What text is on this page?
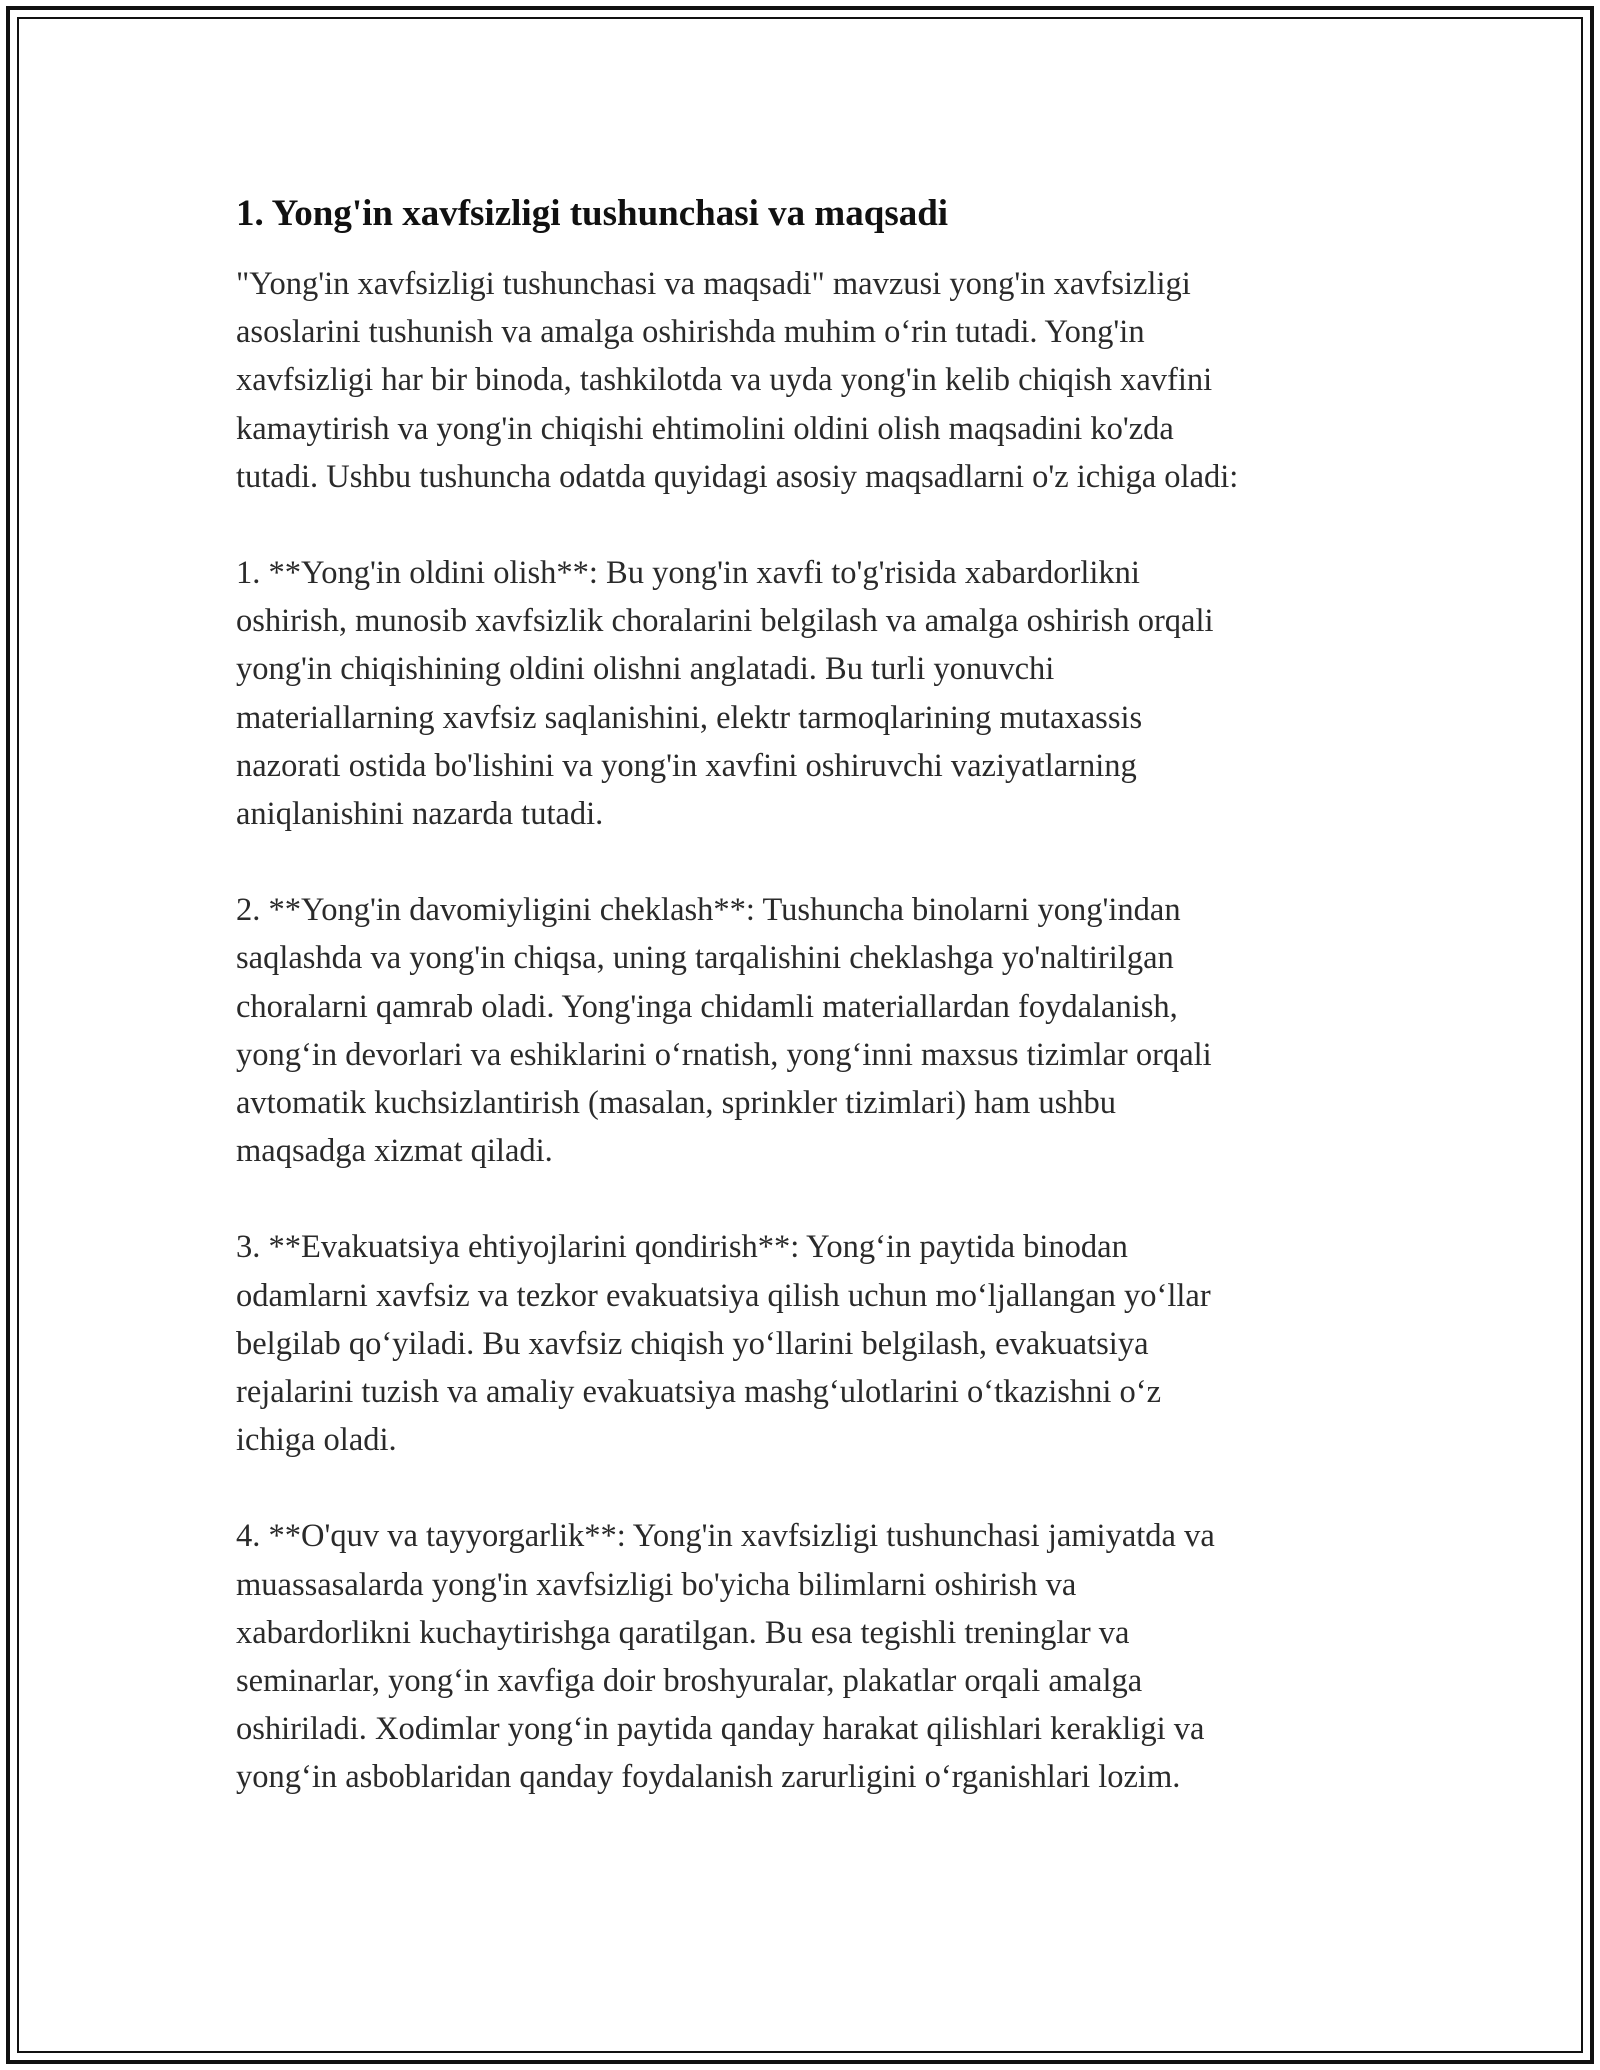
1. Yong'in xavfsizligi tushunchasi va maqsadi

"Yong'in xavfsizligi tushunchasi va maqsadi" mavzusi yong'in xavfsizligi
asoslarini tushunish va amalga oshirishda muhim oʻrin tutadi. Yong'in
xavfsizligi har bir binoda, tashkilotda va uyda yong'in kelib chiqish xavfini
kamaytirish va yong'in chiqishi ehtimolini oldini olish maqsadini ko'zda
tutadi. Ushbu tushuncha odatda quyidagi asosiy maqsadlarni o'z ichiga oladi:

1. **Yong'in oldini olish**: Bu yong'in xavfi to'g'risida xabardorlikni
oshirish, munosib xavfsizlik choralarini belgilash va amalga oshirish orqali
yong'in chiqishining oldini olishni anglatadi. Bu turli yonuvchi
materiallarning xavfsiz saqlanishini, elektr tarmoqlarining mutaxassis
nazorati ostida bo'lishini va yong'in xavfini oshiruvchi vaziyatlarning
aniqlanishini nazarda tutadi.

2. **Yong'in davomiyligini cheklash**: Tushuncha binolarni yong'indan
saqlashda va yong'in chiqsa, uning tarqalishini cheklashga yo'naltirilgan
choralarni qamrab oladi. Yong'inga chidamli materiallardan foydalanish,
yongʻin devorlari va eshiklarini oʻrnatish, yongʻinni maxsus tizimlar orqali
avtomatik kuchsizlantirish (masalan, sprinkler tizimlari) ham ushbu
maqsadga xizmat qiladi.

3. **Evakuatsiya ehtiyojlarini qondirish**: Yongʻin paytida binodan
odamlarni xavfsiz va tezkor evakuatsiya qilish uchun moʻljallangan yoʻllar
belgilab qoʻyiladi. Bu xavfsiz chiqish yoʻllarini belgilash, evakuatsiya
rejalarini tuzish va amaliy evakuatsiya mashgʻulotlarini oʻtkazishni oʻz
ichiga oladi.

4. **O'quv va tayyorgarlik**: Yong'in xavfsizligi tushunchasi jamiyatda va
muassasalarda yong'in xavfsizligi bo'yicha bilimlarni oshirish va
xabardorlikni kuchaytirishga qaratilgan. Bu esa tegishli treninglar va
seminarlar, yongʻin xavfiga doir broshyuralar, plakatlar orqali amalga
oshiriladi. Xodimlar yongʻin paytida qanday harakat qilishlari kerakligi va
yongʻin asboblaridan qanday foydalanish zarurligini oʻrganishlari lozim.
